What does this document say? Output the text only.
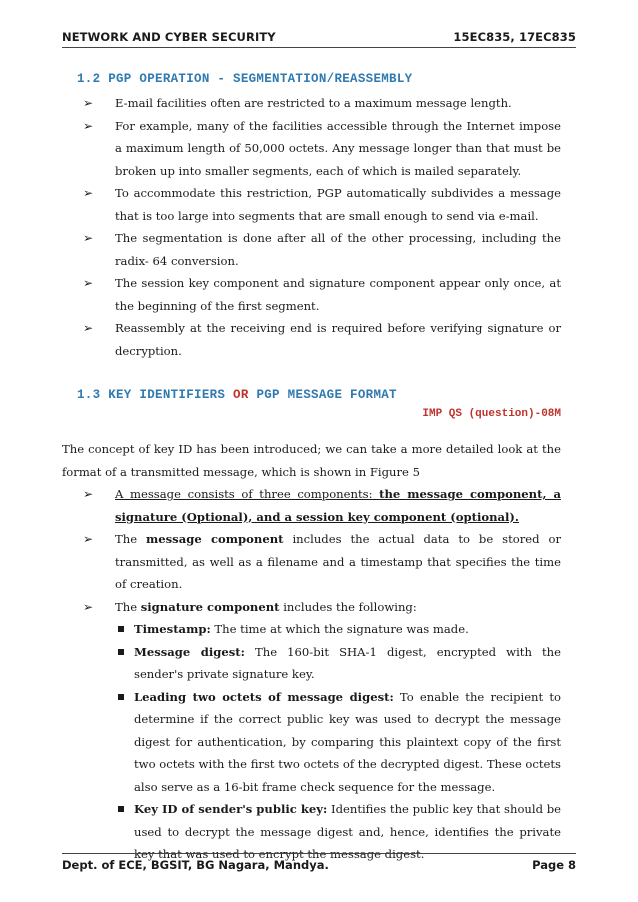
NETWORK AND CYBER SECURITY	15EC835, 17EC835
1.2 PGP OPERATION - SEGMENTATION/REASSEMBLY
➢ E-mail facilities often are restricted to a maximum message length.
➢ For example, many of the facilities accessible through the Internet impose a maximum length of 50,000 octets. Any message longer than that must be broken up into smaller segments, each of which is mailed separately.
➢ To accommodate this restriction, PGP automatically subdivides a message that is too large into segments that are small enough to send via e-mail.
➢ The segmentation is done after all of the other processing, including the radix- 64 conversion.
➢ The session key component and signature component appear only once, at the beginning of the first segment.
➢ Reassembly at the receiving end is required before verifying signature or decryption.
1.3 KEY IDENTIFIERS OR PGP MESSAGE FORMAT
IMP QS (question)-08M

The concept of key ID has been introduced; we can take a more detailed look at the format of a transmitted message, which is shown in Figure 5

➢ A message consists of three components: the message component, a signature (Optional), and a session key component (optional).
➢ The message component includes the actual data to be stored or transmitted, as well as a filename and a timestamp that specifies the time of creation.
➢ The signature component includes the following:
Timestamp: The time at which the signature was made.
Message digest: The 160-bit SHA-1 digest, encrypted with the sender's private signature key.
Leading two octets of message digest: To enable the recipient to determine if the correct public key was used to decrypt the message digest for authentication, by comparing this plaintext copy of the first two octets with the first two octets of the decrypted digest. These octets also serve as a 16-bit frame check sequence for the message.
Key ID of sender's public key: Identifies the public key that should be used to decrypt the message digest and, hence, identifies the private key that was used to encrypt the message digest.
Dept. of ECE, BGSIT, BG Nagara, Mandya.	Page 8
